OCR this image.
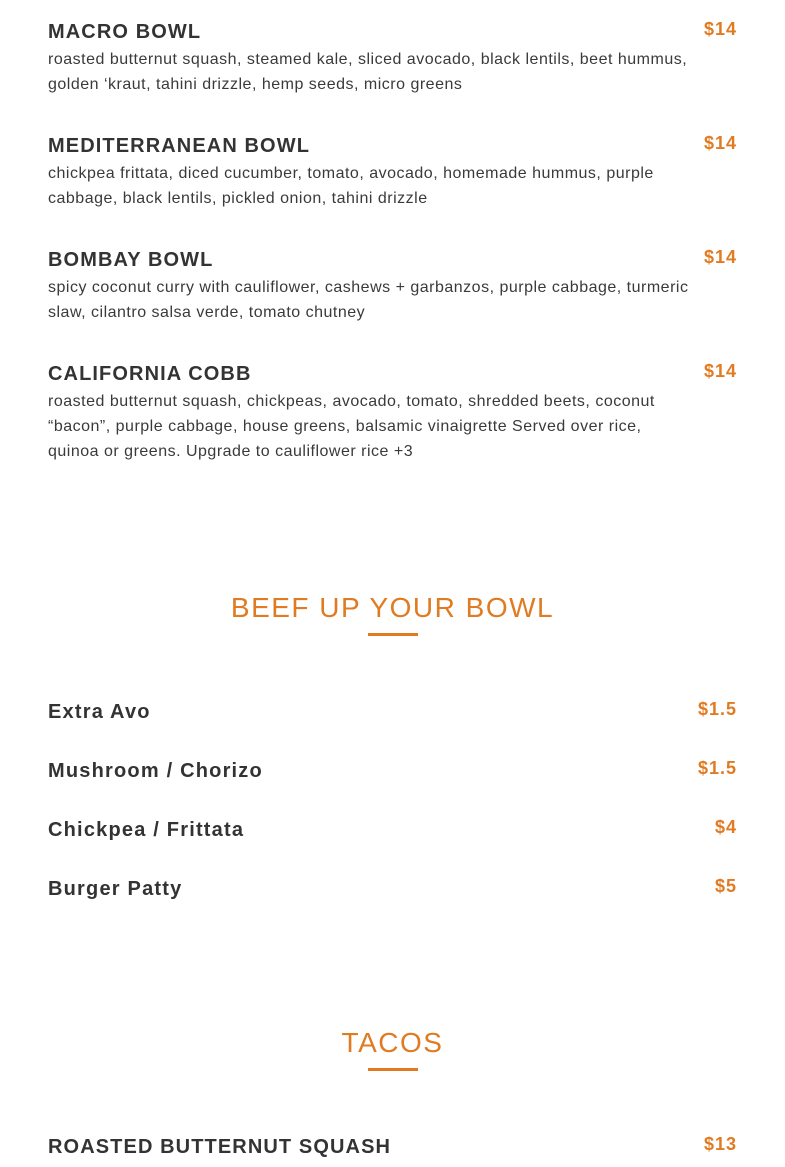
MACRO BOWL	$14
roasted butternut squash, steamed kale, sliced avocado, black lentils, beet hummus, golden ‘kraut, tahini drizzle, hemp seeds, micro greens
MEDITERRANEAN BOWL	$14
chickpea frittata, diced cucumber, tomato, avocado, homemade hummus, purple cabbage, black lentils, pickled onion, tahini drizzle
BOMBAY BOWL	$14
spicy coconut curry with cauliflower, cashews + garbanzos, purple cabbage, turmeric slaw, cilantro salsa verde, tomato chutney
CALIFORNIA COBB	$14
roasted butternut squash, chickpeas, avocado, tomato, shredded beets, coconut “bacon”, purple cabbage, house greens, balsamic vinaigrette Served over rice, quinoa or greens. Upgrade to cauliflower rice +3
BEEF UP YOUR BOWL
Extra Avo	$1.5
Mushroom / Chorizo	$1.5
Chickpea / Frittata	$4
Burger Patty	$5
TACOS
ROASTED BUTTERNUT SQUASH	$13
